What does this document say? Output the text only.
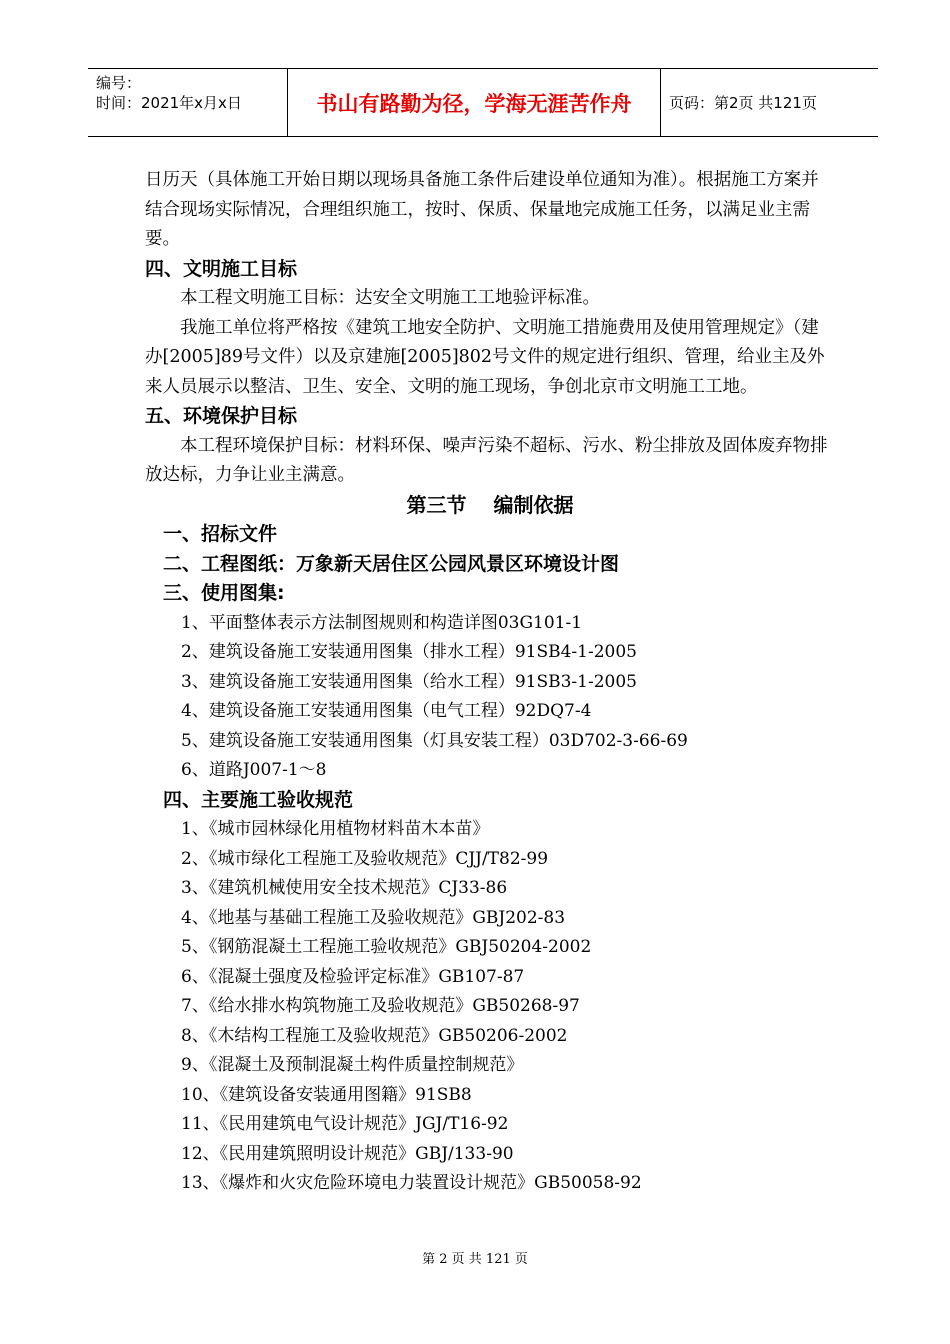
编号：
时间：2021年x月x日	书山有路勤为径，学海无涯苦作舟	页码：第2页 共121页

日历天（具体施工开始日期以现场具备施工条件后建设单位通知为准）。根据施工方案并结合现场实际情况，合理组织施工，按时、保质、保量地完成施工任务，以满足业主需要。

四、文明施工目标

本工程文明施工目标：达安全文明施工工地验评标准。

我施工单位将严格按《建筑工地安全防护、文明施工措施费用及使用管理规定》（建办[2005]89号文件）以及京建施[2005]802号文件的规定进行组织、管理，给业主及外来人员展示以整洁、卫生、安全、文明的施工现场，争创北京市文明施工工地。

五、环境保护目标

本工程环境保护目标：材料环保、噪声污染不超标、污水、粉尘排放及固体废弃物排放达标，力争让业主满意。

第三节　 编制依据

一、招标文件

二、工程图纸：万象新天居住区公园风景区环境设计图

三、使用图集:

1、平面整体表示方法制图规则和构造详图03G101-1

2、建筑设备施工安装通用图集（排水工程）91SB4-1-2005

3、建筑设备施工安装通用图集（给水工程）91SB3-1-2005

4、建筑设备施工安装通用图集（电气工程）92DQ7-4

5、建筑设备施工安装通用图集（灯具安装工程）03D702-3-66-69

6、道路J007-1～8

四、主要施工验收规范

1、《城市园林绿化用植物材料苗木本苗》

2、《城市绿化工程施工及验收规范》CJJ/T82-99

3、《建筑机械使用安全技术规范》CJ33-86

4、《地基与基础工程施工及验收规范》GBJ202-83

5、《钢筋混凝土工程施工验收规范》GBJ50204-2002

6、《混凝土强度及检验评定标准》GB107-87

7、《给水排水构筑物施工及验收规范》GB50268-97

8、《木结构工程施工及验收规范》GB50206-2002

9、《混凝土及预制混凝土构件质量控制规范》

10、《建筑设备安装通用图籍》91SB8

11、《民用建筑电气设计规范》JGJ/T16-92

12、《民用建筑照明设计规范》GBJ/133-90

13、《爆炸和火灾危险环境电力装置设计规范》GB50058-92

第 2 页 共 121 页
